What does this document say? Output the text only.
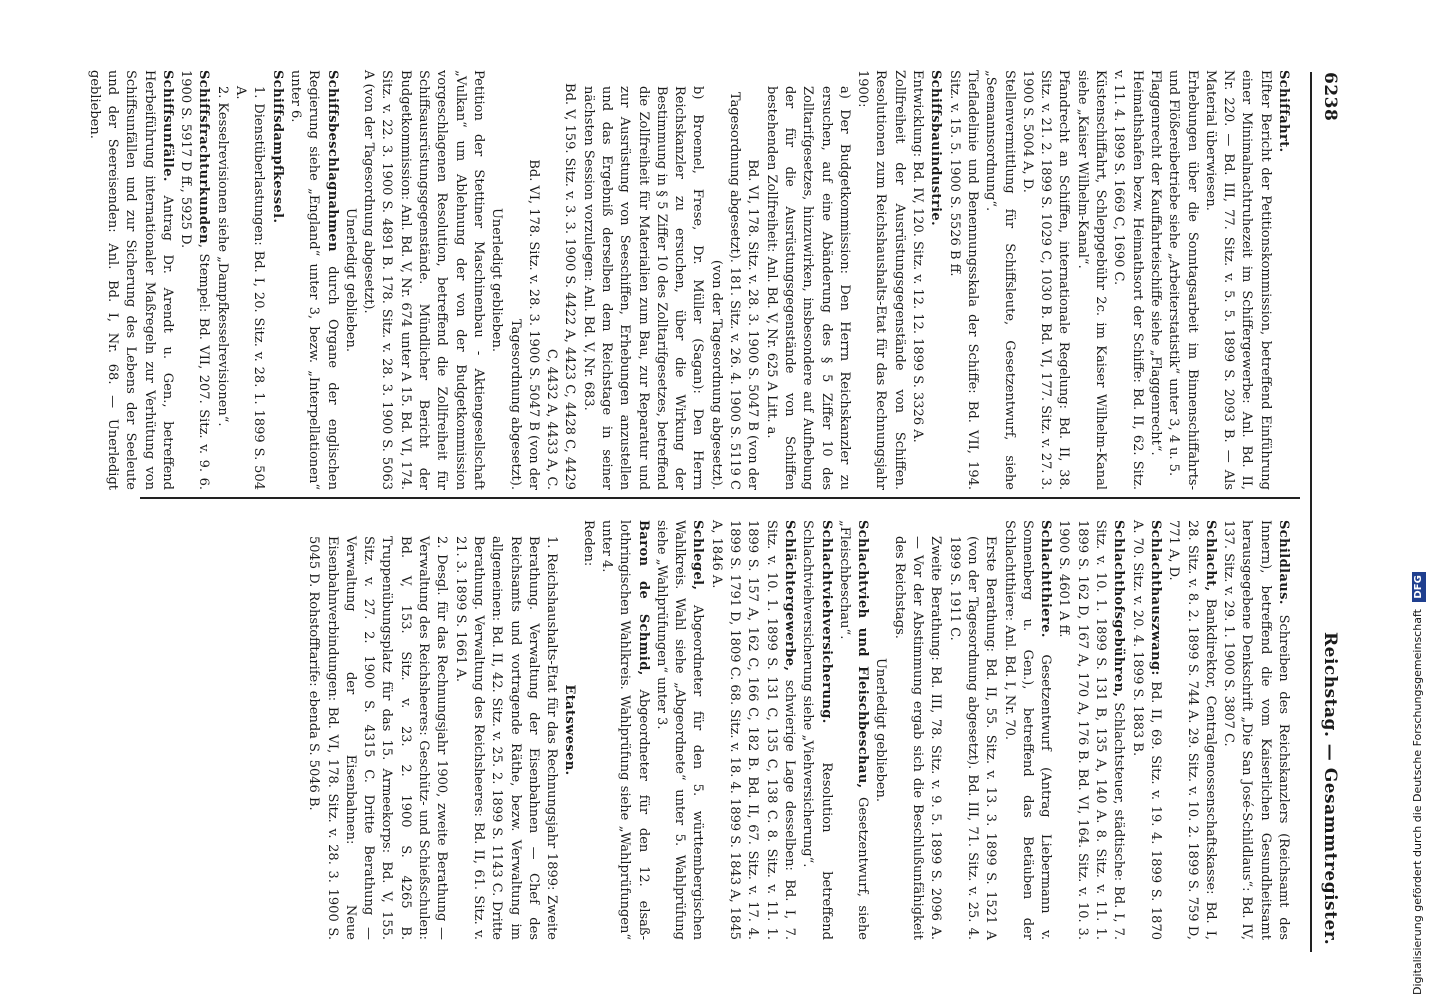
6238
Reichstag. — Gesammtregister.

Schiffahrt.

Elfter Bericht der Petitionskommission, betreffend Einführung einer Minimalnachtruhezeit im Schiffergewerbe: Anl. Bd. II, Nr. 220. — Bd. III, 77. Sitz. v. 5. 5. 1899 S. 2093 B. — Als Material überwiesen.

Erhebungen über die Sonntagsarbeit im Binnenschiffahrts- und Flößereibetriebe siehe „Arbeiterstatistik“ unter 3, 4 u. 5.

Flaggenrecht der Kauffahrteischiffe siehe „Flaggenrecht“.

Heimathshafen bezw. Heimathsort der Schiffe: Bd. II, 62. Sitz. v. 11. 4. 1899 S. 1669 C, 1690 C.

Küstenschiffahrt, Schleppgebühr 2c. im Kaiser Wilhelm-Kanal siehe „Kaiser Wilhelm-Kanal“.

Pfandrecht an Schiffen, internationale Regelung: Bd. II, 38. Sitz. v. 21. 2. 1899 S. 1029 C, 1030 B. Bd. VI, 177. Sitz. v. 27. 3. 1900 S. 5004 A, D.

Stellenvermittlung für Schiffsleute, Gesetzentwurf, siehe „Seemannsordnung“.

Tiefladelinie und Benennungsskala der Schiffe: Bd. VII, 194. Sitz. v. 15. 5. 1900 S. 5526 B ff.

Schiffsbauindustrie.

Entwicklung: Bd. IV, 120. Sitz. v. 12. 12. 1899 S. 3326 A.

Zollfreiheit der Ausrüstungsgegenstände von Schiffen. Resolutionen zum Reichshaushalts-Etat für das Rechnungsjahr 1900:

a) Der Budgetkommission: Den Herrn Reichskanzler zu ersuchen, auf eine Abänderung des § 5 Ziffer 10 des Zolltarifgesetzes, hinzuwirken, insbesondere auf Aufhebung der für die Ausrüstungsgegenstände von Schiffen bestehenden Zollfreiheit: Anl. Bd. V, Nr. 625 A Litt. a.

Bd. VI, 178. Sitz. v. 28. 3. 1900 S. 5047 B (von der Tagesordnung abgesetzt). 181. Sitz. v. 26. 4. 1900 S. 5119 C (von der Tagesordnung abgesetzt).

b) Broemel, Frese, Dr. Müller (Sagan): Den Herrn Reichskanzler zu ersuchen, über die Wirkung der Bestimmung in § 5 Ziffer 10 des Zolltarifgesetzes, betreffend die Zollfreiheit für Materialien zum Bau, zur Reparatur und zur Ausrüstung von Seeschiffen, Erhebungen anzustellen und das Ergebniß derselben dem Reichstage in seiner nächsten Session vorzulegen: Anl. Bd. V, Nr. 683.

Bd. V, 159. Sitz. v. 3. 3. 1900 S. 4422 A, 4423 C, 4428 C, 4429 C, 4432 A, 4433 A, C.

Bd. VI, 178. Sitz. v. 28. 3. 1900 S. 5047 B (von der Tagesordnung abgesetzt).

Unerledigt geblieben.

Petition der Stettiner Maschinenbau - Aktiengesellschaft „Vulkan“ um Ablehnung der von der Budgetkommission vorgeschlagenen Resolution, betreffend die Zollfreiheit für Schiffsausrüstungsgegenstände. Mündlicher Bericht der Budgetkommission: Anl. Bd. V, Nr. 674 unter A 15. Bd. VI, 174. Sitz. v. 22. 3. 1900 S. 4891 B. 178. Sitz. v. 28. 3. 1900 S. 5063 A (von der Tagesordnung abgesetzt).

Unerledigt geblieben.

Schiffsbeschlagnahmen durch Organe der englischen Regierung siehe „England“ unter 3, bezw. „Interpellationen“ unter 6.

Schiffsdampfkessel.

1. Dienstüberlastungen: Bd. I, 20. Sitz. v. 28. 1. 1899 S. 504 A.

2. Kesselrevisionen siehe „Dampfkesselrevisionen“.

Schiffsfrachturkunden, Stempel: Bd. VII, 207. Sitz. v. 9. 6. 1900 S. 5917 D ff., 5925 D.

Schiffsunfälle. Antrag Dr. Arendt u. Gen., betreffend Herbeiführung internationaler Maßregeln zur Verhütung von Schiffsunfällen und zur Sicherung des Lebens der Seeleute und der Seereisenden: Anl. Bd. I, Nr. 68. — Unerledigt geblieben.

Schildlaus. Schreiben des Reichskanzlers (Reichsamt des Innern), betreffend die vom Kaiserlichen Gesundheitsamt herausgegebene Denkschrift „Die San José-Schildlaus“: Bd. IV, 137. Sitz. v. 29. 1. 1900 S. 3807 C.

Schlacht, Bankdirektor, Centralgenossenschaftskasse: Bd. I, 28. Sitz. v. 8. 2. 1899 S. 744 A. 29. Sitz. v. 10. 2. 1899 S. 759 D, 771 A, D.

Schlachthauszwang: Bd. II, 69. Sitz. v. 19. 4. 1899 S. 1870 A. 70. Sitz. v. 20. 4. 1899 S. 1883 B.

Schlachthofsgebühren, Schlachtsteuer, städtische: Bd. I, 7. Sitz. v. 10. 1. 1899 S. 131 B, 135 A, 140 A. 8. Sitz. v. 11. 1. 1899 S. 162 D, 167 A, 170 A, 176 B. Bd. VI, 164. Sitz. v. 10. 3. 1900 S. 4601 A ff.

Schlachtthiere. Gesetzentwurf (Antrag Liebermann v. Sonnenberg u. Gen.), betreffend das Betäuben der Schlachtthiere: Anl. Bd. I, Nr. 70.

Erste Berathung: Bd. II, 55. Sitz. v. 13. 3. 1899 S. 1521 A (von der Tagesordnung abgesetzt). Bd. III, 71. Sitz. v. 25. 4. 1899 S. 1911 C.

Zweite Berathung: Bd. III, 78. Sitz. v. 9. 5. 1899 S. 2096 A. — Vor der Abstimmung ergab sich die Beschlußunfähigkeit des Reichstags.

Unerledigt geblieben.

Schlachtvieh und Fleischbeschau, Gesetzentwurf, siehe „Fleischbeschau“.

Schlachtviehversicherung. Resolution betreffend Schlachtviehversicherung siehe „Viehversicherung“.

Schlächtergewerbe, schwierige Lage desselben: Bd. I, 7. Sitz. v. 10. 1. 1899 S. 131 C, 135 C, 138 C. 8. Sitz. v. 11. 1. 1899 S. 157 A, 162 C, 166 C, 182 B. Bd. II, 67. Sitz. v. 17. 4. 1899 S. 1791 D, 1809 C. 68. Sitz. v. 18. 4. 1899 S. 1843 A, 1845 A, 1846 A.

Schlegel, Abgeordneter für den 5. württembergischen Wahlkreis. Wahl siehe „Abgeordnete“ unter 5. Wahlprüfung siehe „Wahlprüfungen“ unter 3.

Baron de Schmid, Abgeordneter für den 12. elsaß-lothringischen Wahlkreis. Wahlprüfung siehe „Wahlprüfungen“ unter 4.

Reden:

Etatswesen.

1. Reichshaushalts-Etat für das Rechnungsjahr 1899: Zweite Berathung. Verwaltung der Eisenbahnen — Chef des Reichsamts und vortragende Räthe, bezw. Verwaltung im allgemeinen: Bd. II, 42. Sitz. v. 25. 2. 1899 S. 1143 C. Dritte Berathung. Verwaltung des Reichsheeres: Bd. II, 61. Sitz. v. 21. 3. 1899 S. 1661 A.

2. Desgl. für das Rechnungsjahr 1900, zweite Berathung — Verwaltung des Reichsheeres: Geschütz- und Schießschulen: Bd. V, 153. Sitz. v. 23. 2. 1900 S. 4265 B. Truppenübungsplatz für das 15. Armeekorps: Bd. V, 155. Sitz. v. 27. 2. 1900 S. 4315 C. Dritte Berathung — Verwaltung der Eisenbahnen: Neue Eisenbahnverbindungen: Bd. VI, 178. Sitz. v. 28. 3. 1900 S. 5045 D. Rohstofftarife: ebenda S. 5046 B.	Digitalisierung gefördert durch die Deutsche Forschungsgemeinschaft DFG
